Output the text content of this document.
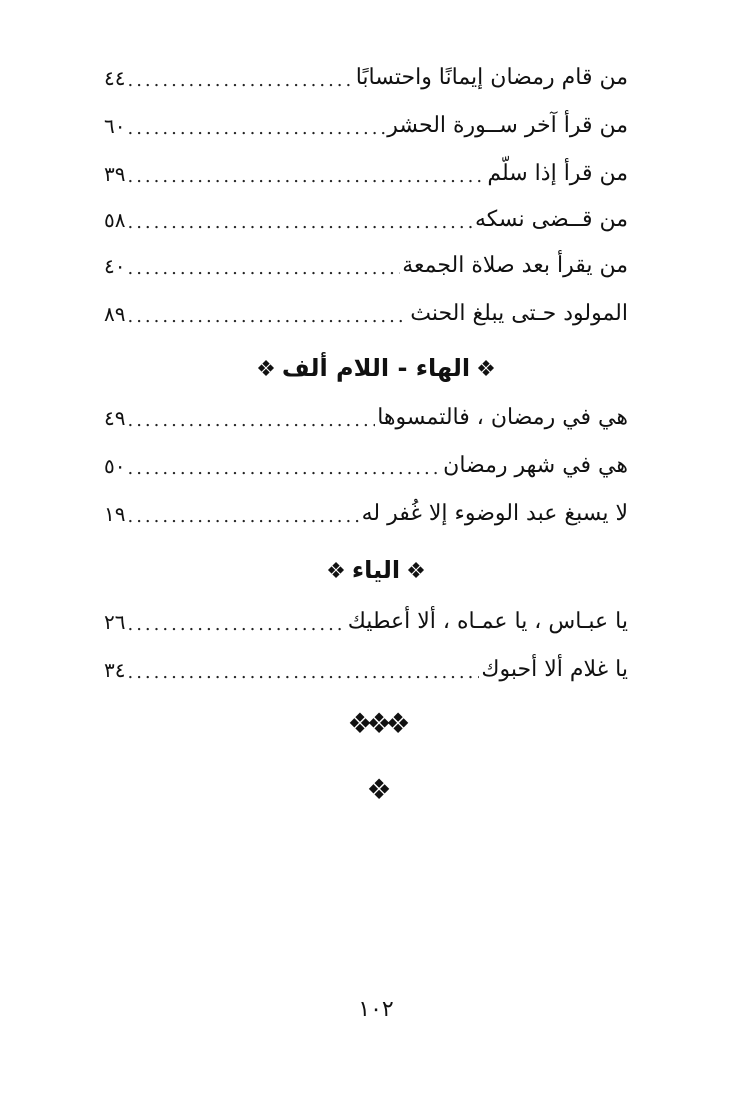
من قام رمضان إيمانًا واحتسابًا
.....
٤٤
من قرأ آخر ســورة الحشر
.....
٦٠
من قرأ إذا سلّم
.....
٣٩
من قــضى نسكه
.....
٥٨
من يقرأ بعد صلاة الجمعة
.....
٤٠
المولود حـتى يبلغ الحنث
.....
٨٩
❖الهاء - اللام ألف❖
هي في رمضان ، فالتمسوها
.....
٤٩
هي في شهر رمضان
.....
٥٠
لا يسبغ عبد الوضوء إلا غُفر له
.....
١٩
❖الياء❖
يا عبـاس ، يا عمـاه ، ألا أعطيك
.....
٢٦
يا غلام ألا أحبوك
.....
٣٤
❖❖❖
❖
١٠٢
